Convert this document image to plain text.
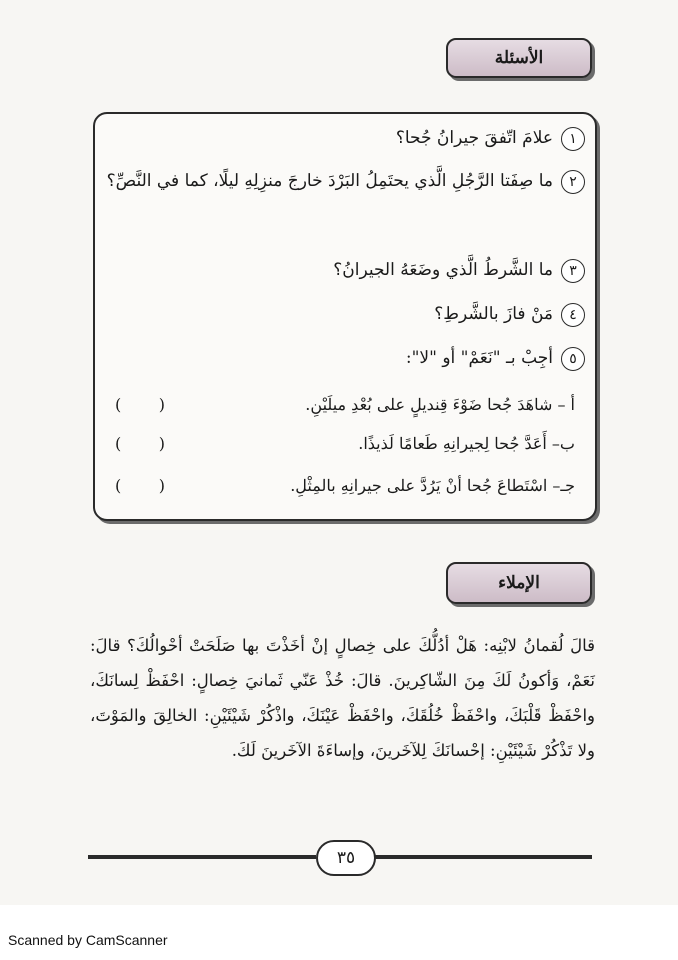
الأسئلة
١علامَ اتّفقَ جيرانُ جُحا؟
٢ما صِفَتا الرَّجُلِ الَّذي يحتَمِلُ البَرْدَ خارجَ منزِلِهِ ليلًا، كما في النَّصِّ؟
٣ما الشَّرطُ الَّذي وضَعَهُ الجيرانُ؟
٤مَنْ فازَ بالشَّرطِ؟
٥أجِبْ بـ "نَعَمْ" أو "لا":
أ – شاهَدَ جُحا ضَوْءَ قِنديلٍ على بُعْدِ ميلَيْنِ.
(
)
ب– أَعَدَّ جُحا لِجيرانِهِ طَعامًا لَذيذًا.
(
)
جـ– اسْتَطاعَ جُحا أنْ يَرُدَّ على جيرانِهِ بالمِثْلِ.
(
)
الإملاء
قالَ لُقمانُ لابْنِه: هَلْ أدُلُّكَ على خِصالٍ إنْ أخَذْتَ بها صَلَحَتْ أحْوالُكَ؟ قالَ: نَعَمْ، وَأكونُ لَكَ مِنَ الشّاكِرينَ. قالَ: خُذْ عَنّي ثَمانيَ خِصالٍ: احْفَظْ لِسانَكَ، واحْفَظْ قَلْبَكَ، واحْفَظْ خُلُقَكَ، واحْفَظْ عَيْنَكَ، واذْكُرْ شَيْئَيْنِ: الخالِقَ والمَوْتَ، ولا تَذْكُرْ شَيْئَيْنِ: إحْسانَكَ لِلآخَرينَ، وإساءَةَ الآخَرينَ لَكَ.
٣٥
Scanned by CamScanner
